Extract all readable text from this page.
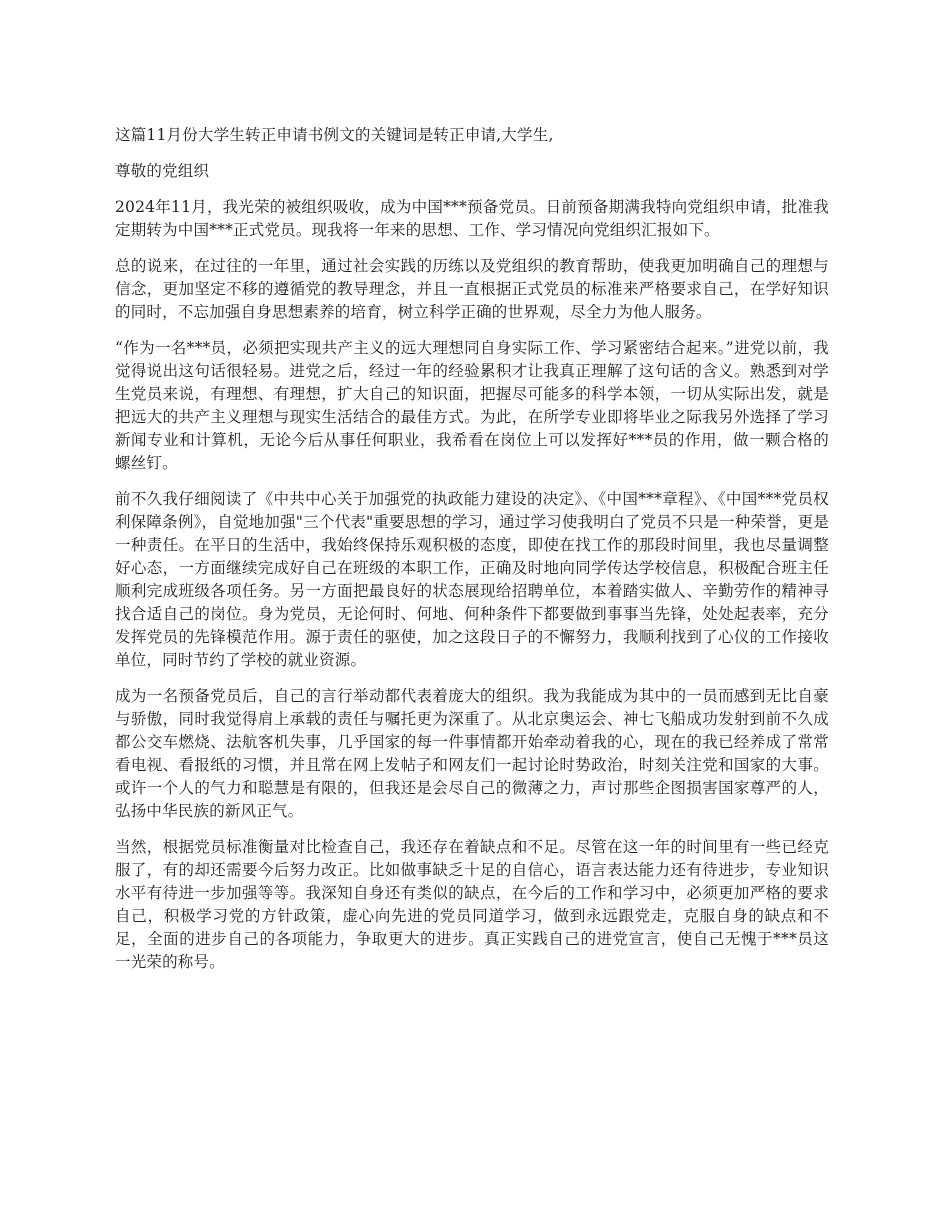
这篇11月份大学生转正申请书例文的关键词是转正申请,大学生,

尊敬的党组织

2024年11月，我光荣的被组织吸收，成为中国***预备党员。日前预备期满我特向党组织申请，批准我定期转为中国***正式党员。现我将一年来的思想、工作、学习情况向党组织汇报如下。

总的说来，在过往的一年里，通过社会实践的历练以及党组织的教育帮助，使我更加明确自己的理想与信念，更加坚定不移的遵循党的教导理念，并且一直根据正式党员的标准来严格要求自己，在学好知识的同时，不忘加强自身思想素养的培育，树立科学正确的世界观，尽全力为他人服务。

“作为一名***员，必须把实现共产主义的远大理想同自身实际工作、学习紧密结合起来。”进党以前，我觉得说出这句话很轻易。进党之后，经过一年的经验累积才让我真正理解了这句话的含义。熟悉到对学生党员来说，有理想、有理想，扩大自己的知识面，把握尽可能多的科学本领，一切从实际出发，就是把远大的共产主义理想与现实生活结合的最佳方式。为此，在所学专业即将毕业之际我另外选择了学习新闻专业和计算机，无论今后从事任何职业，我希看在岗位上可以发挥好***员的作用，做一颗合格的螺丝钉。

前不久我仔细阅读了《中共中心关于加强党的执政能力建设的决定》、《中国***章程》、《中国***党员权利保障条例》，自觉地加强"三个代表"重要思想的学习，通过学习使我明白了党员不只是一种荣誉，更是一种责任。在平日的生活中，我始终保持乐观积极的态度，即使在找工作的那段时间里，我也尽量调整好心态，一方面继续完成好自己在班级的本职工作，正确及时地向同学传达学校信息，积极配合班主任顺利完成班级各项任务。另一方面把最良好的状态展现给招聘单位，本着踏实做人、辛勤劳作的精神寻找合适自己的岗位。身为党员，无论何时、何地、何种条件下都要做到事事当先锋，处处起表率，充分发挥党员的先锋模范作用。源于责任的驱使，加之这段日子的不懈努力，我顺利找到了心仪的工作接收单位，同时节约了学校的就业资源。

成为一名预备党员后，自己的言行举动都代表着庞大的组织。我为我能成为其中的一员而感到无比自豪与骄傲，同时我觉得肩上承载的责任与嘱托更为深重了。从北京奥运会、神七飞船成功发射到前不久成都公交车燃烧、法航客机失事，几乎国家的每一件事情都开始牵动着我的心，现在的我已经养成了常常看电视、看报纸的习惯，并且常在网上发帖子和网友们一起讨论时势政治，时刻关注党和国家的大事。或许一个人的气力和聪慧是有限的，但我还是会尽自己的微薄之力，声讨那些企图损害国家尊严的人，弘扬中华民族的新风正气。

当然，根据党员标准衡量对比检查自己，我还存在着缺点和不足。尽管在这一年的时间里有一些已经克服了，有的却还需要今后努力改正。比如做事缺乏十足的自信心，语言表达能力还有待进步，专业知识水平有待进一步加强等等。我深知自身还有类似的缺点，在今后的工作和学习中，必须更加严格的要求自己，积极学习党的方针政策，虚心向先进的党员同道学习，做到永远跟党走，克服自身的缺点和不足，全面的进步自己的各项能力，争取更大的进步。真正实践自己的进党宣言，使自己无愧于***员这一光荣的称号。
